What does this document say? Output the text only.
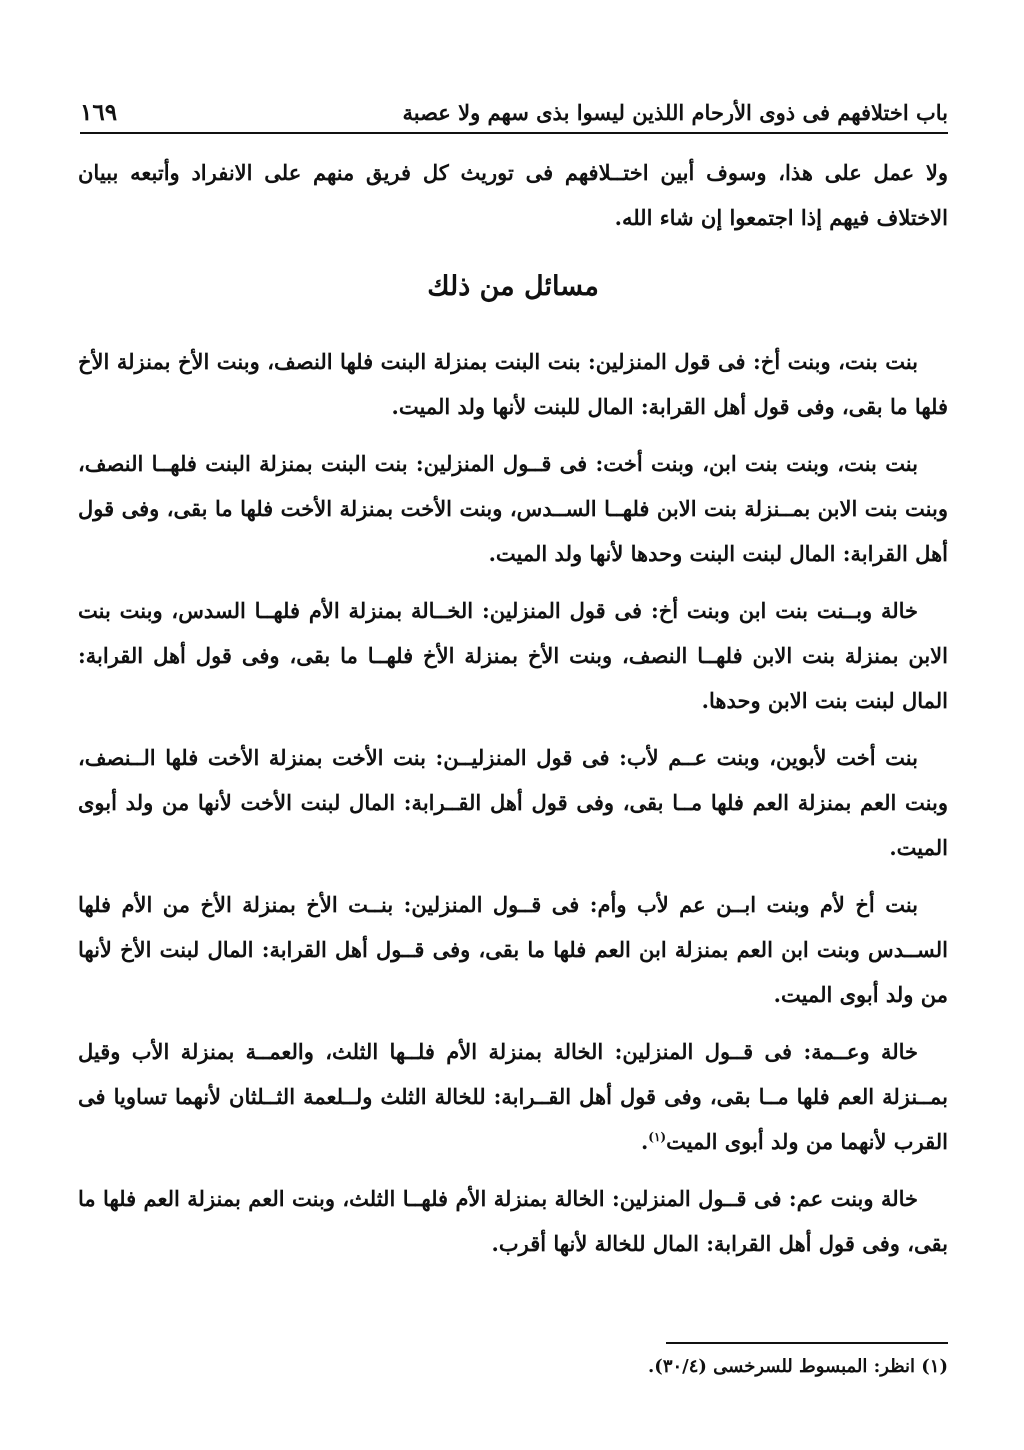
باب اختلافهم فى ذوى الأرحام اللذين ليسوا بذى سهم ولا عصبة
١٦٩

ولا عمل على هذا، وسوف أبين اختــلافهم فى توريث كل فريق منهم على الانفراد وأتبعه ببيان الاختلاف فيهم إذا اجتمعوا إن شاء الله.

مسائل من ذلك

بنت بنت، وبنت أخ: فى قول المنزلين: بنت البنت بمنزلة البنت فلها النصف، وبنت الأخ بمنزلة الأخ فلها ما بقى، وفى قول أهل القرابة: المال للبنت لأنها ولد الميت.

بنت بنت، وبنت بنت ابن، وبنت أخت: فى قــول المنزلين: بنت البنت بمنزلة البنت فلهــا النصف، وبنت بنت الابن بمــنزلة بنت الابن فلهــا الســدس، وبنت الأخت بمنزلة الأخت فلها ما بقى، وفى قول أهل القرابة: المال لبنت البنت وحدها لأنها ولد الميت.

خالة وبــنت بنت ابن وبنت أخ: فى قول المنزلين: الخــالة بمنزلة الأم فلهــا السدس، وبنت بنت الابن بمنزلة بنت الابن فلهــا النصف، وبنت الأخ بمنزلة الأخ فلهــا ما بقى، وفى قول أهل القرابة: المال لبنت بنت الابن وحدها.

بنت أخت لأبوين، وبنت عــم لأب: فى قول المنزليــن: بنت الأخت بمنزلة الأخت فلها الــنصف، وبنت العم بمنزلة العم فلها مــا بقى، وفى قول أهل القــرابة: المال لبنت الأخت لأنها من ولد أبوى الميت.

بنت أخ لأم وبنت ابــن عم لأب وأم: فى قــول المنزلين: بنــت الأخ بمنزلة الأخ من الأم فلها الســدس وبنت ابن العم بمنزلة ابن العم فلها ما بقى، وفى قــول أهل القرابة: المال لبنت الأخ لأنها من ولد أبوى الميت.

خالة وعــمة: فى قــول المنزلين: الخالة بمنزلة الأم فلــها الثلث، والعمــة بمنزلة الأب وقيل بمــنزلة العم فلها مــا بقى، وفى قول أهل القــرابة: للخالة الثلث ولــلعمة الثــلثان لأنهما تساويا فى القرب لأنهما من ولد أبوى الميت$^{(١)}$.

خالة وبنت عم: فى قــول المنزلين: الخالة بمنزلة الأم فلهــا الثلث، وبنت العم بمنزلة العم فلها ما بقى، وفى قول أهل القرابة: المال للخالة لأنها أقرب.

(١) انظر: المبسوط للسرخسى (٣٠/٤).
